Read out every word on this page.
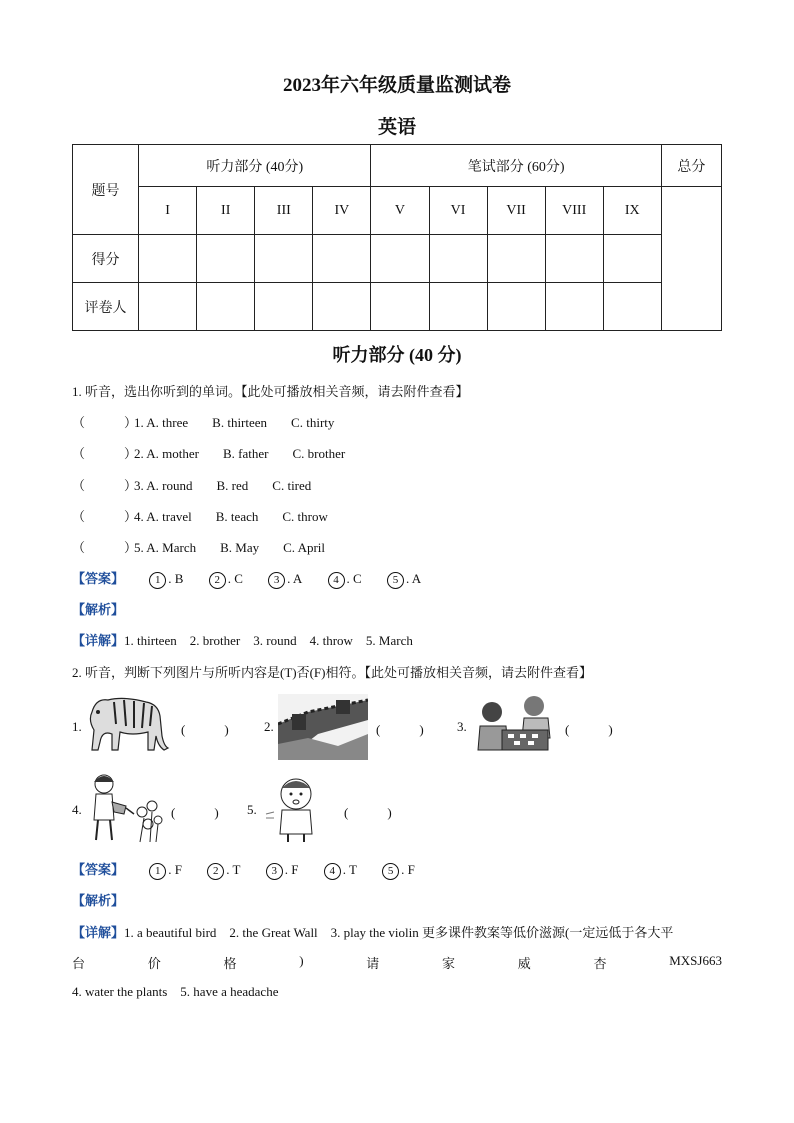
2023年六年级质量监测试卷
英语
题号	听力部分 (40分)				笔试部分 (60分)					总分
	I	II	III	IV	V	VI	VII	VIII	IX	
得分										
评卷人										
听力部分 (40 分)
1. 听音，选出你听到的单词。【此处可播放相关音频，请去附件查看】
（　　　）1. A. three B. thirteen C. thirty
（　　　）2. A. mother B. father C. brother
（　　　）3. A. round B. red C. tired
（　　　）4. A. travel B. teach C. throw
（　　　）5. A. March B. May C. April
【答案】	1 . B	2 . C	3 . A	4 . C	5 . A
【解析】
【详解】1. thirteen    2. brother    3. round    4. throw    5. March
2. 听音，判断下列图片与所听内容是(T)否(F)相符。【此处可播放相关音频，请去附件查看】
1.	(　　　)	2.	(　　　)	3.	(　　　)
4.	(　　　) 5.	(　　　)
【答案】	1 . F	2 . T	3 . F	4 . T	5 . F
【解析】
【详解】1. a beautiful bird    2. the Great Wall    3. play the violin 更多课件教案等低价滋源(一定远低于各大平
台	价	格	)	请	家	威	杏	MXSJ663
4. water the plants    5. have a headache
